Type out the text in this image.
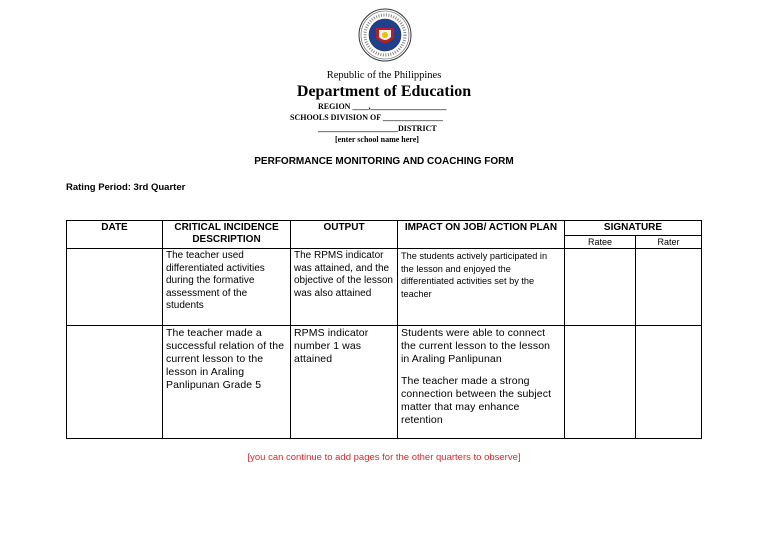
Republic of the Philippines
Department of Education
REGION ____,___________________
SCHOOLS DIVISION OF _______________
____________________DISTRICT
[enter school name here]
PERFORMANCE MONITORING AND COACHING FORM
Rating Period: 3rd Quarter
DATE	CRITICAL INCIDENCE DESCRIPTION	OUTPUT	IMPACT ON JOB/ ACTION PLAN	SIGNATURE	
				Ratee	Rater
	The teacher used differentiated activities during the formative assessment of the students	The RPMS indicator was attained, and the objective of the lesson was also attained	The students actively participated in the lesson and enjoyed the differentiated activities set by the teacher		

	The teacher made a successful relation of the current lesson to the lesson in Araling Panlipunan Grade 5	RPMS indicator number 1 was attained	Students were able to connect the current lesson to the lesson in Araling Panlipunan

The teacher made a strong connection between the subject matter that may enhance retention		

[you can continue to add pages for the other quarters to observe]
